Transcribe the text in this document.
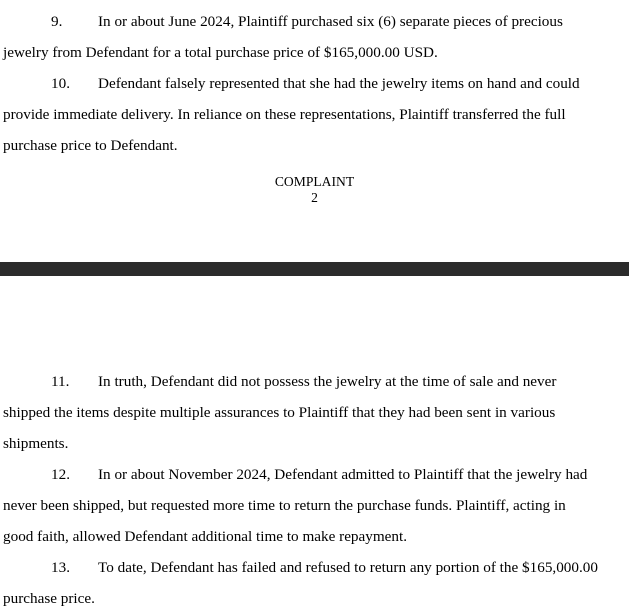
9. In or about June 2024, Plaintiff purchased six (6) separate pieces of precious

jewelry from Defendant for a total purchase price of $165,000.00 USD.

10. Defendant falsely represented that she had the jewelry items on hand and could

provide immediate delivery. In reliance on these representations, Plaintiff transferred the full

purchase price to Defendant.

COMPLAINT
2

11. In truth, Defendant did not possess the jewelry at the time of sale and never

shipped the items despite multiple assurances to Plaintiff that they had been sent in various

shipments.

12. In or about November 2024, Defendant admitted to Plaintiff that the jewelry had

never been shipped, but requested more time to return the purchase funds. Plaintiff, acting in

good faith, allowed Defendant additional time to make repayment.

13. To date, Defendant has failed and refused to return any portion of the $165,000.00

purchase price.
